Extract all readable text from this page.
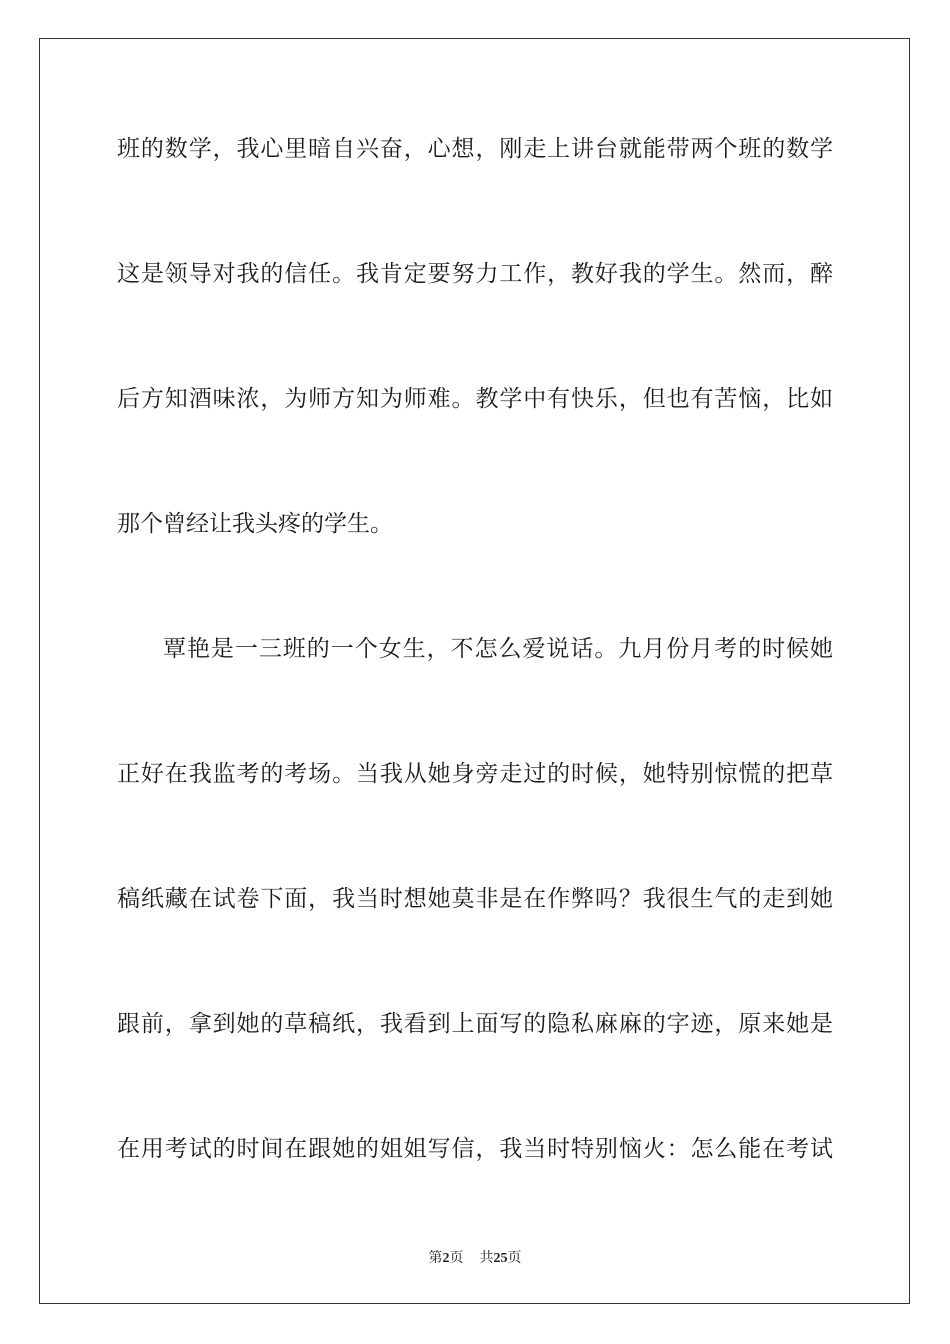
班的数学，我心里暗自兴奋，心想，刚走上讲台就能带两个班的数学
这是领导对我的信任。我肯定要努力工作，教好我的学生。然而，醉
后方知酒味浓，为师方知为师难。教学中有快乐，但也有苦恼，比如
那个曾经让我头疼的学生。
覃艳是一三班的一个女生，不怎么爱说话。九月份月考的时候她
正好在我监考的考场。当我从她身旁走过的时候，她特别惊慌的把草
稿纸藏在试卷下面，我当时想她莫非是在作弊吗？我很生气的走到她
跟前，拿到她的草稿纸，我看到上面写的隐私麻麻的字迹，原来她是
在用考试的时间在跟她的姐姐写信，我当时特别恼火：怎么能在考试
第2页 共25页
